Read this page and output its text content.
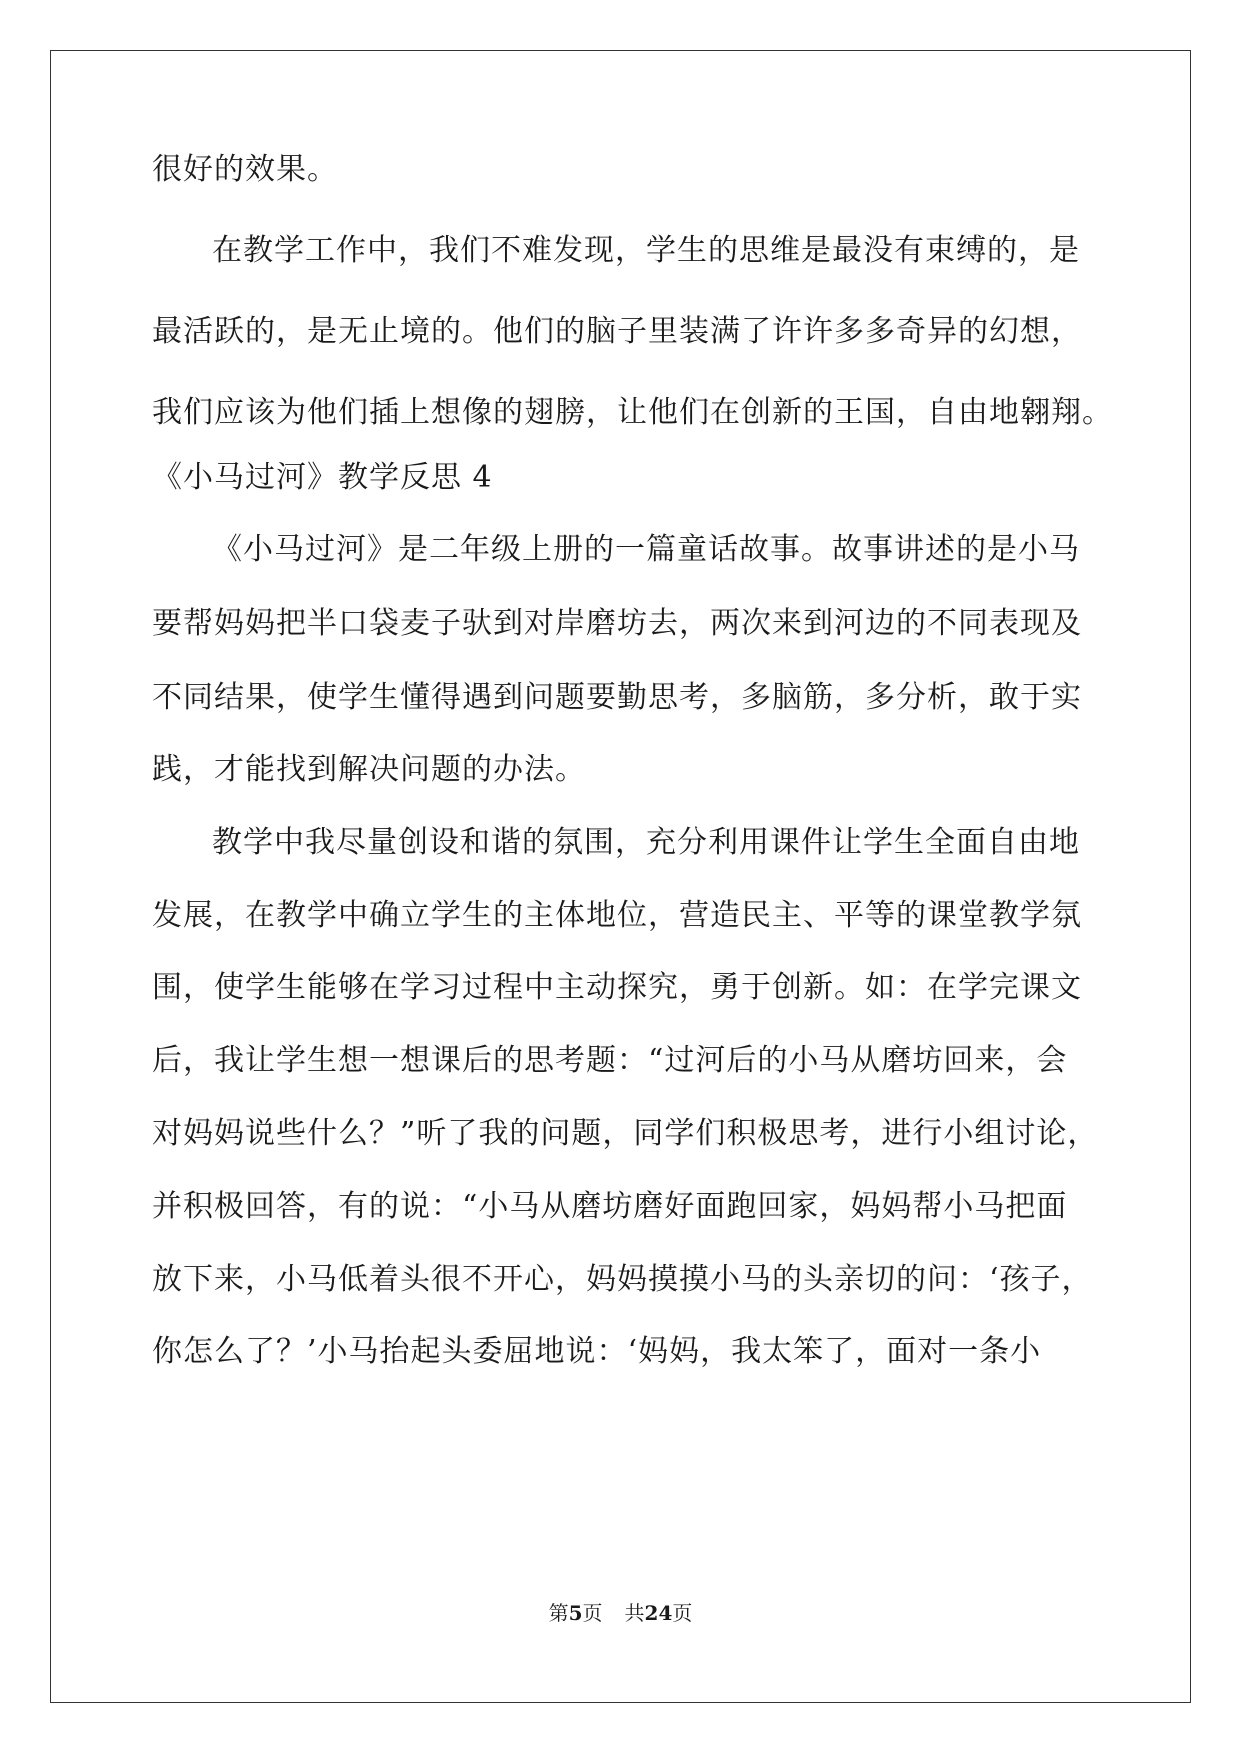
很好的效果。
在教学工作中，我们不难发现，学生的思维是最没有束缚的，是
最活跃的，是无止境的。他们的脑子里装满了许许多多奇异的幻想，
我们应该为他们插上想像的翅膀，让他们在创新的王国，自由地翱翔。
《小马过河》教学反思 4
《小马过河》是二年级上册的一篇童话故事。故事讲述的是小马
要帮妈妈把半口袋麦子驮到对岸磨坊去，两次来到河边的不同表现及
不同结果，使学生懂得遇到问题要勤思考，多脑筋，多分析，敢于实
践，才能找到解决问题的办法。
教学中我尽量创设和谐的氛围，充分利用课件让学生全面自由地
发展，在教学中确立学生的主体地位，营造民主、平等的课堂教学氛
围，使学生能够在学习过程中主动探究，勇于创新。如：在学完课文
后，我让学生想一想课后的思考题：“过河后的小马从磨坊回来，会
对妈妈说些什么？”听了我的问题，同学们积极思考，进行小组讨论，
并积极回答，有的说：“小马从磨坊磨好面跑回家，妈妈帮小马把面
放下来，小马低着头很不开心，妈妈摸摸小马的头亲切的问：‘孩子，
你怎么了？’小马抬起头委屈地说：‘妈妈，我太笨了，面对一条小
第5页 共24页
